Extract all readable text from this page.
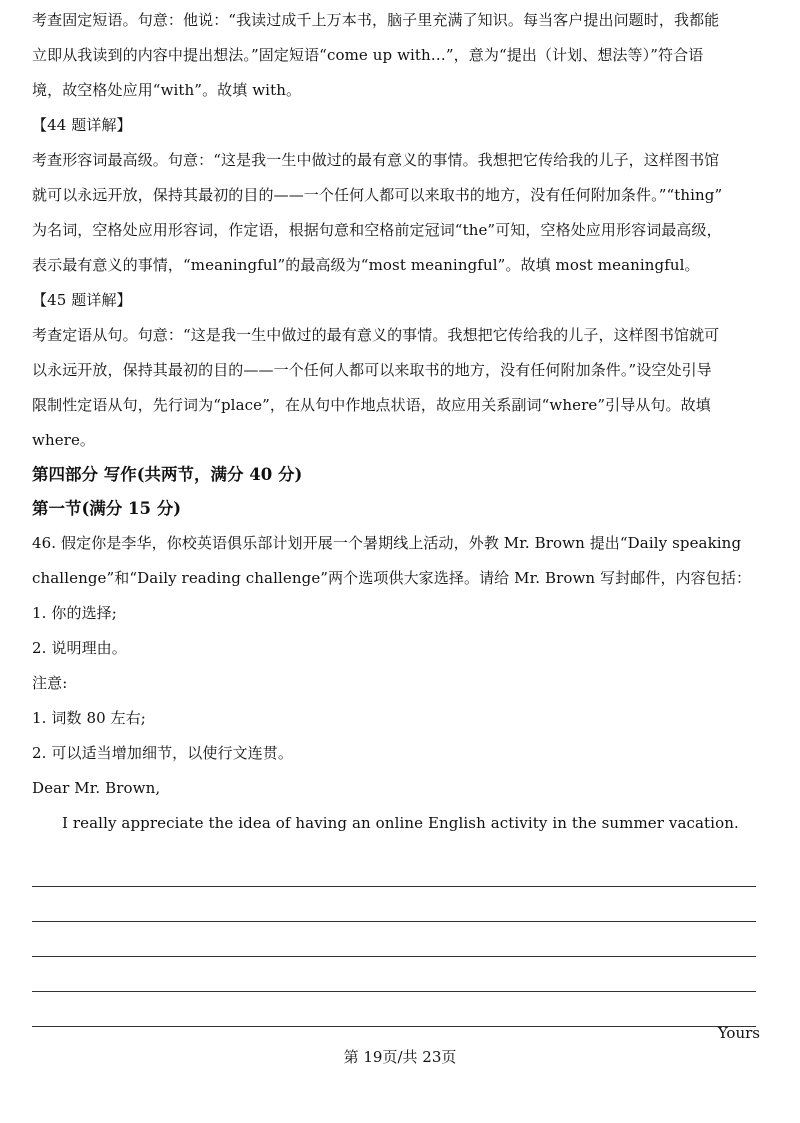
考查固定短语。句意：他说：“我读过成千上万本书，脑子里充满了知识。每当客户提出问题时，我都能
立即从我读到的内容中提出想法。”固定短语“come up with…”，意为“提出（计划、想法等）”符合语
境，故空格处应用“with”。故填 with。
【44 题详解】
考查形容词最高级。句意：“这是我一生中做过的最有意义的事情。我想把它传给我的儿子，这样图书馆
就可以永远开放，保持其最初的目的——一个任何人都可以来取书的地方，没有任何附加条件。”“thing”
为名词，空格处应用形容词，作定语，根据句意和空格前定冠词“the”可知，空格处应用形容词最高级，
表示最有意义的事情，“meaningful”的最高级为“most meaningful”。故填 most meaningful。
【45 题详解】
考查定语从句。句意：“这是我一生中做过的最有意义的事情。我想把它传给我的儿子，这样图书馆就可
以永远开放，保持其最初的目的——一个任何人都可以来取书的地方，没有任何附加条件。”设空处引导
限制性定语从句，先行词为“place”，在从句中作地点状语，故应用关系副词“where”引导从句。故填
where。
第四部分 写作(共两节，满分 40 分)
第一节(满分 15 分)
46. 假定你是李华，你校英语俱乐部计划开展一个暑期线上活动，外教 Mr. Brown 提出“Daily speaking
challenge”和“Daily reading challenge”两个选项供大家选择。请给 Mr. Brown 写封邮件，内容包括：
1. 你的选择;
2. 说明理由。
注意:
1. 词数 80 左右;
2. 可以适当增加细节，以使行文连贯。
Dear Mr. Brown,
I really appreciate the idea of having an online English activity in the summer vacation.
Yours
第 19页/共 23页
